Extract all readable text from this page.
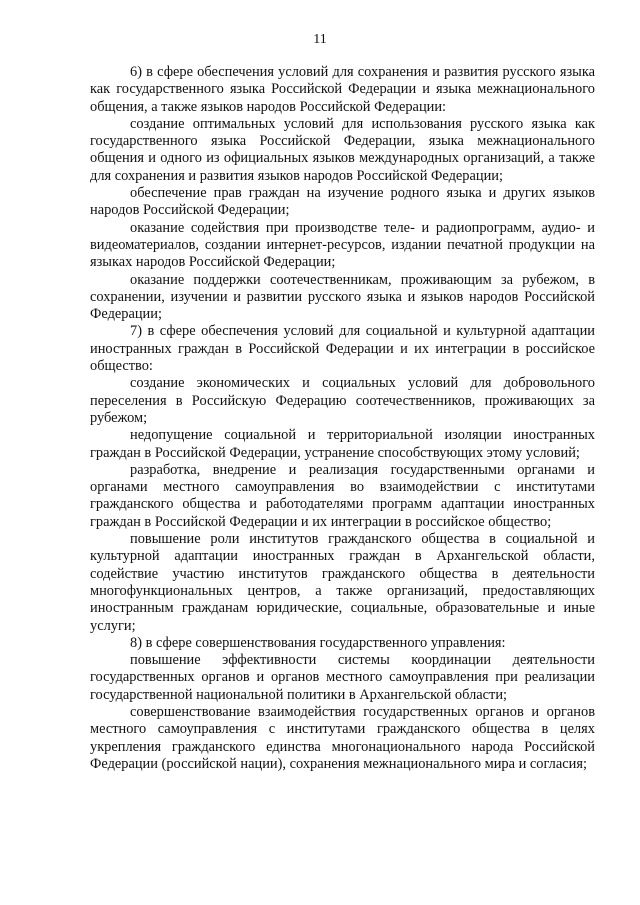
11

6) в сфере обеспечения условий для сохранения и развития русского языка как государственного языка Российской Федерации и языка межнационального общения, а также языков народов Российской Федерации:

создание оптимальных условий для использования русского языка как государственного языка Российской Федерации, языка межнационального общения и одного из официальных языков международных организаций, а также для сохранения и развития языков народов Российской Федерации;

обеспечение прав граждан на изучение родного языка и других языков народов Российской Федерации;

оказание содействия при производстве теле- и радиопрограмм, аудио- и видеоматериалов, создании интернет-ресурсов, издании печатной продукции на языках народов Российской Федерации;

оказание поддержки соотечественникам, проживающим за рубежом, в сохранении, изучении и развитии русского языка и языков народов Российской Федерации;

7) в сфере обеспечения условий для социальной и культурной адаптации иностранных граждан в Российской Федерации и их интеграции в российское общество:

создание экономических и социальных условий для добровольного переселения в Российскую Федерацию соотечественников, проживающих за рубежом;

недопущение социальной и территориальной изоляции иностранных граждан в Российской Федерации, устранение способствующих этому условий;

разработка, внедрение и реализация государственными органами и органами местного самоуправления во взаимодействии с институтами гражданского общества и работодателями программ адаптации иностранных граждан в Российской Федерации и их интеграции в российское общество;

повышение роли институтов гражданского общества в социальной и культурной адаптации иностранных граждан в Архангельской области, содействие участию институтов гражданского общества в деятельности многофункциональных центров, а также организаций, предоставляющих иностранным гражданам юридические, социальные, образовательные и иные услуги;

8) в сфере совершенствования государственного управления:

повышение эффективности системы координации деятельности государственных органов и органов местного самоуправления при реализации государственной национальной политики в Архангельской области;

совершенствование взаимодействия государственных органов и органов местного самоуправления с институтами гражданского общества в целях укрепления гражданского единства многонационального народа Российской Федерации (российской нации), сохранения межнационального мира и согласия;
